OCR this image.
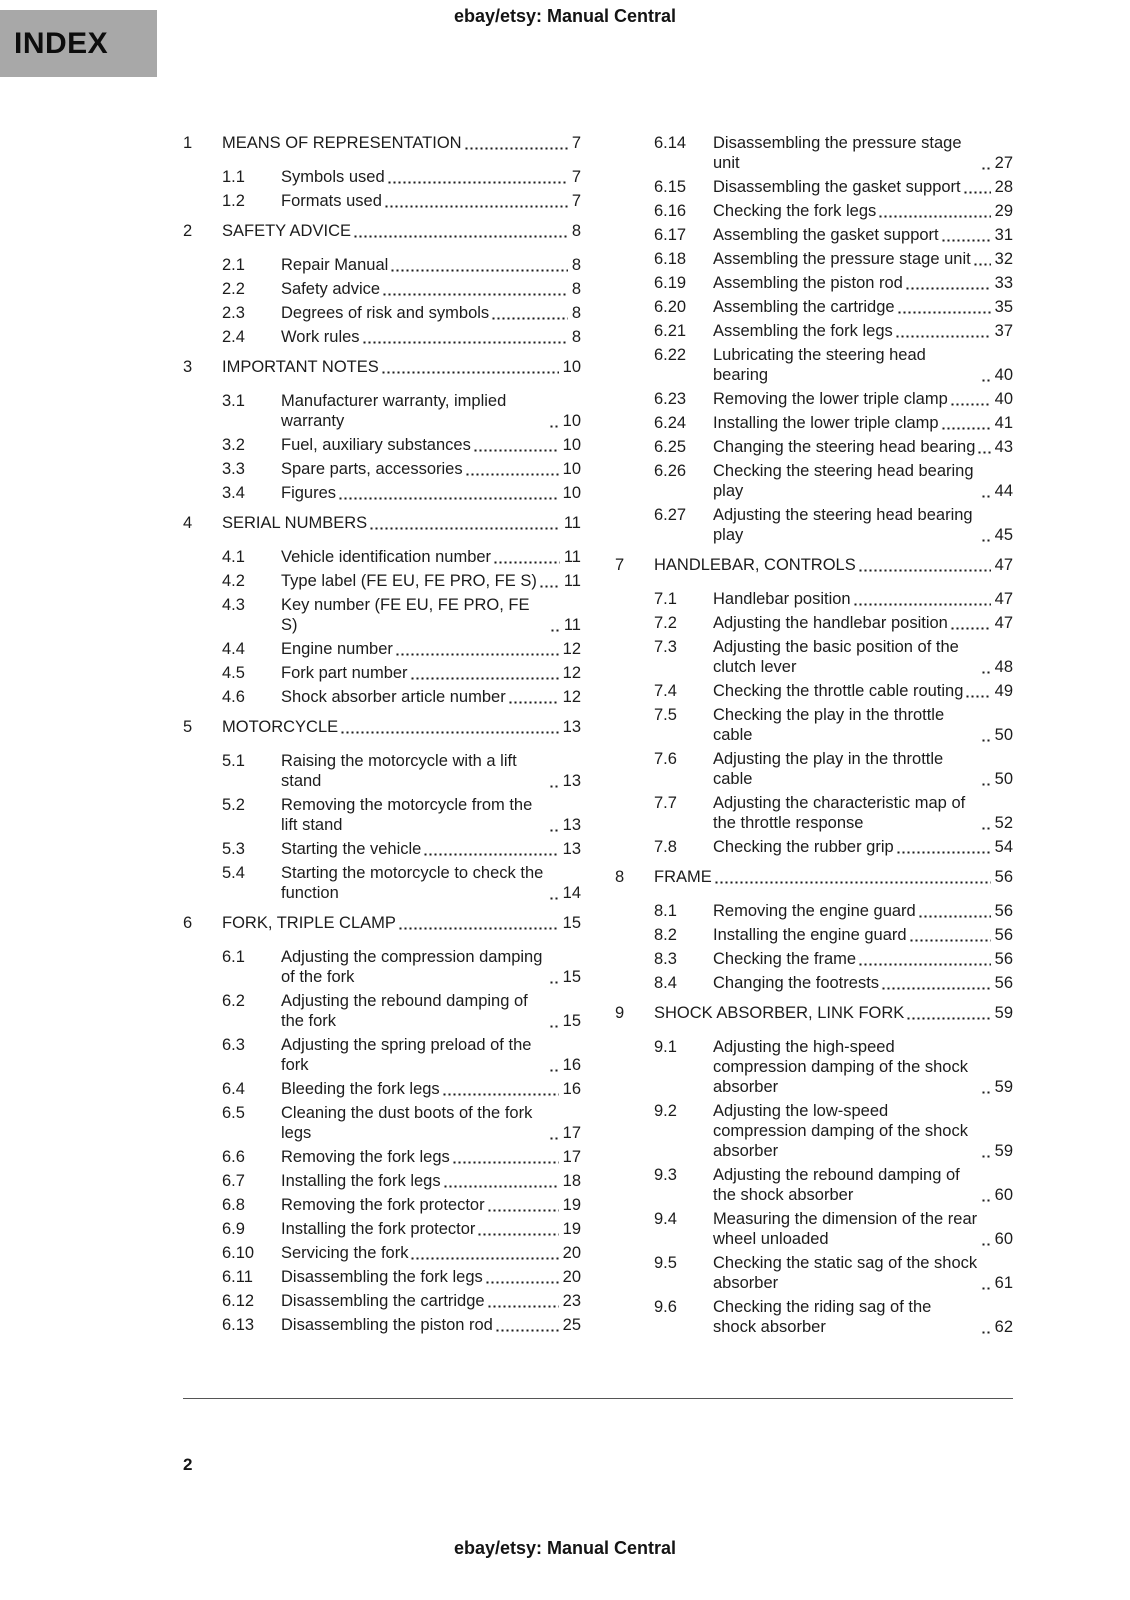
ebay/etsy: Manual Central
INDEX
1	MEANS OF REPRESENTATION	7
1.1	Symbols used	7
1.2	Formats used	7
2	SAFETY ADVICE	8
2.1	Repair Manual	8
2.2	Safety advice	8
2.3	Degrees of risk and symbols	8
2.4	Work rules	8
3	IMPORTANT NOTES	10
3.1	Manufacturer warranty, implied warranty	10
3.2	Fuel, auxiliary substances	10
3.3	Spare parts, accessories	10
3.4	Figures	10
4	SERIAL NUMBERS	11
4.1	Vehicle identification number	11
4.2	Type label (FE EU, FE PRO, FE S) 11
4.3	Key number (FE EU, FE PRO, FE S)	11
4.4	Engine number	12
4.5	Fork part number	12
4.6	Shock absorber article number	12
5	MOTORCYCLE	13
5.1	Raising the motorcycle with a lift stand	13
5.2	Removing the motorcycle from the lift stand	13
5.3	Starting the vehicle	13
5.4	Starting the motorcycle to check the function	14
6	FORK, TRIPLE CLAMP	15
6.1	Adjusting the compression damping of the fork	15
6.2	Adjusting the rebound damping of the fork	15
6.3	Adjusting the spring preload of the fork	16
6.4	Bleeding the fork legs	16
6.5	Cleaning the dust boots of the fork legs	17
6.6	Removing the fork legs	17
6.7	Installing the fork legs	18
6.8	Removing the fork protector	19
6.9	Installing the fork protector	19
6.10	Servicing the fork	20
6.11	Disassembling the fork legs	20
6.12	Disassembling the cartridge	23
6.13	Disassembling the piston rod	25
6.14	Disassembling the pressure stage unit	27
6.15	Disassembling the gasket support 28
6.16	Checking the fork legs	29
6.17	Assembling the gasket support	31
6.18	Assembling the pressure stage unit 32
6.19	Assembling the piston rod	33
6.20	Assembling the cartridge	35
6.21	Assembling the fork legs	37
6.22	Lubricating the steering head bearing	40
6.23	Removing the lower triple clamp	40
6.24	Installing the lower triple clamp	41
6.25	Changing the steering head bearing 43
6.26	Checking the steering head bearing play	44
6.27	Adjusting the steering head bearing play	45
7	HANDLEBAR, CONTROLS	47
7.1	Handlebar position	47
7.2	Adjusting the handlebar position	47
7.3	Adjusting the basic position of the clutch lever	48
7.4	Checking the throttle cable routing 49
7.5	Checking the play in the throttle cable	50
7.6	Adjusting the play in the throttle cable	50
7.7	Adjusting the characteristic map of the throttle response	52
7.8	Checking the rubber grip	54
8	FRAME	56
8.1	Removing the engine guard	56
8.2	Installing the engine guard	56
8.3	Checking the frame	56
8.4	Changing the footrests	56
9	SHOCK ABSORBER, LINK FORK	59
9.1	Adjusting the high-speed compression damping of the shock absorber	59
9.2	Adjusting the low-speed compression damping of the shock absorber	59
9.3	Adjusting the rebound damping of the shock absorber	60
9.4	Measuring the dimension of the rear wheel unloaded	60
9.5	Checking the static sag of the shock absorber	61
9.6	Checking the riding sag of the shock absorber	62
2
ebay/etsy: Manual Central
